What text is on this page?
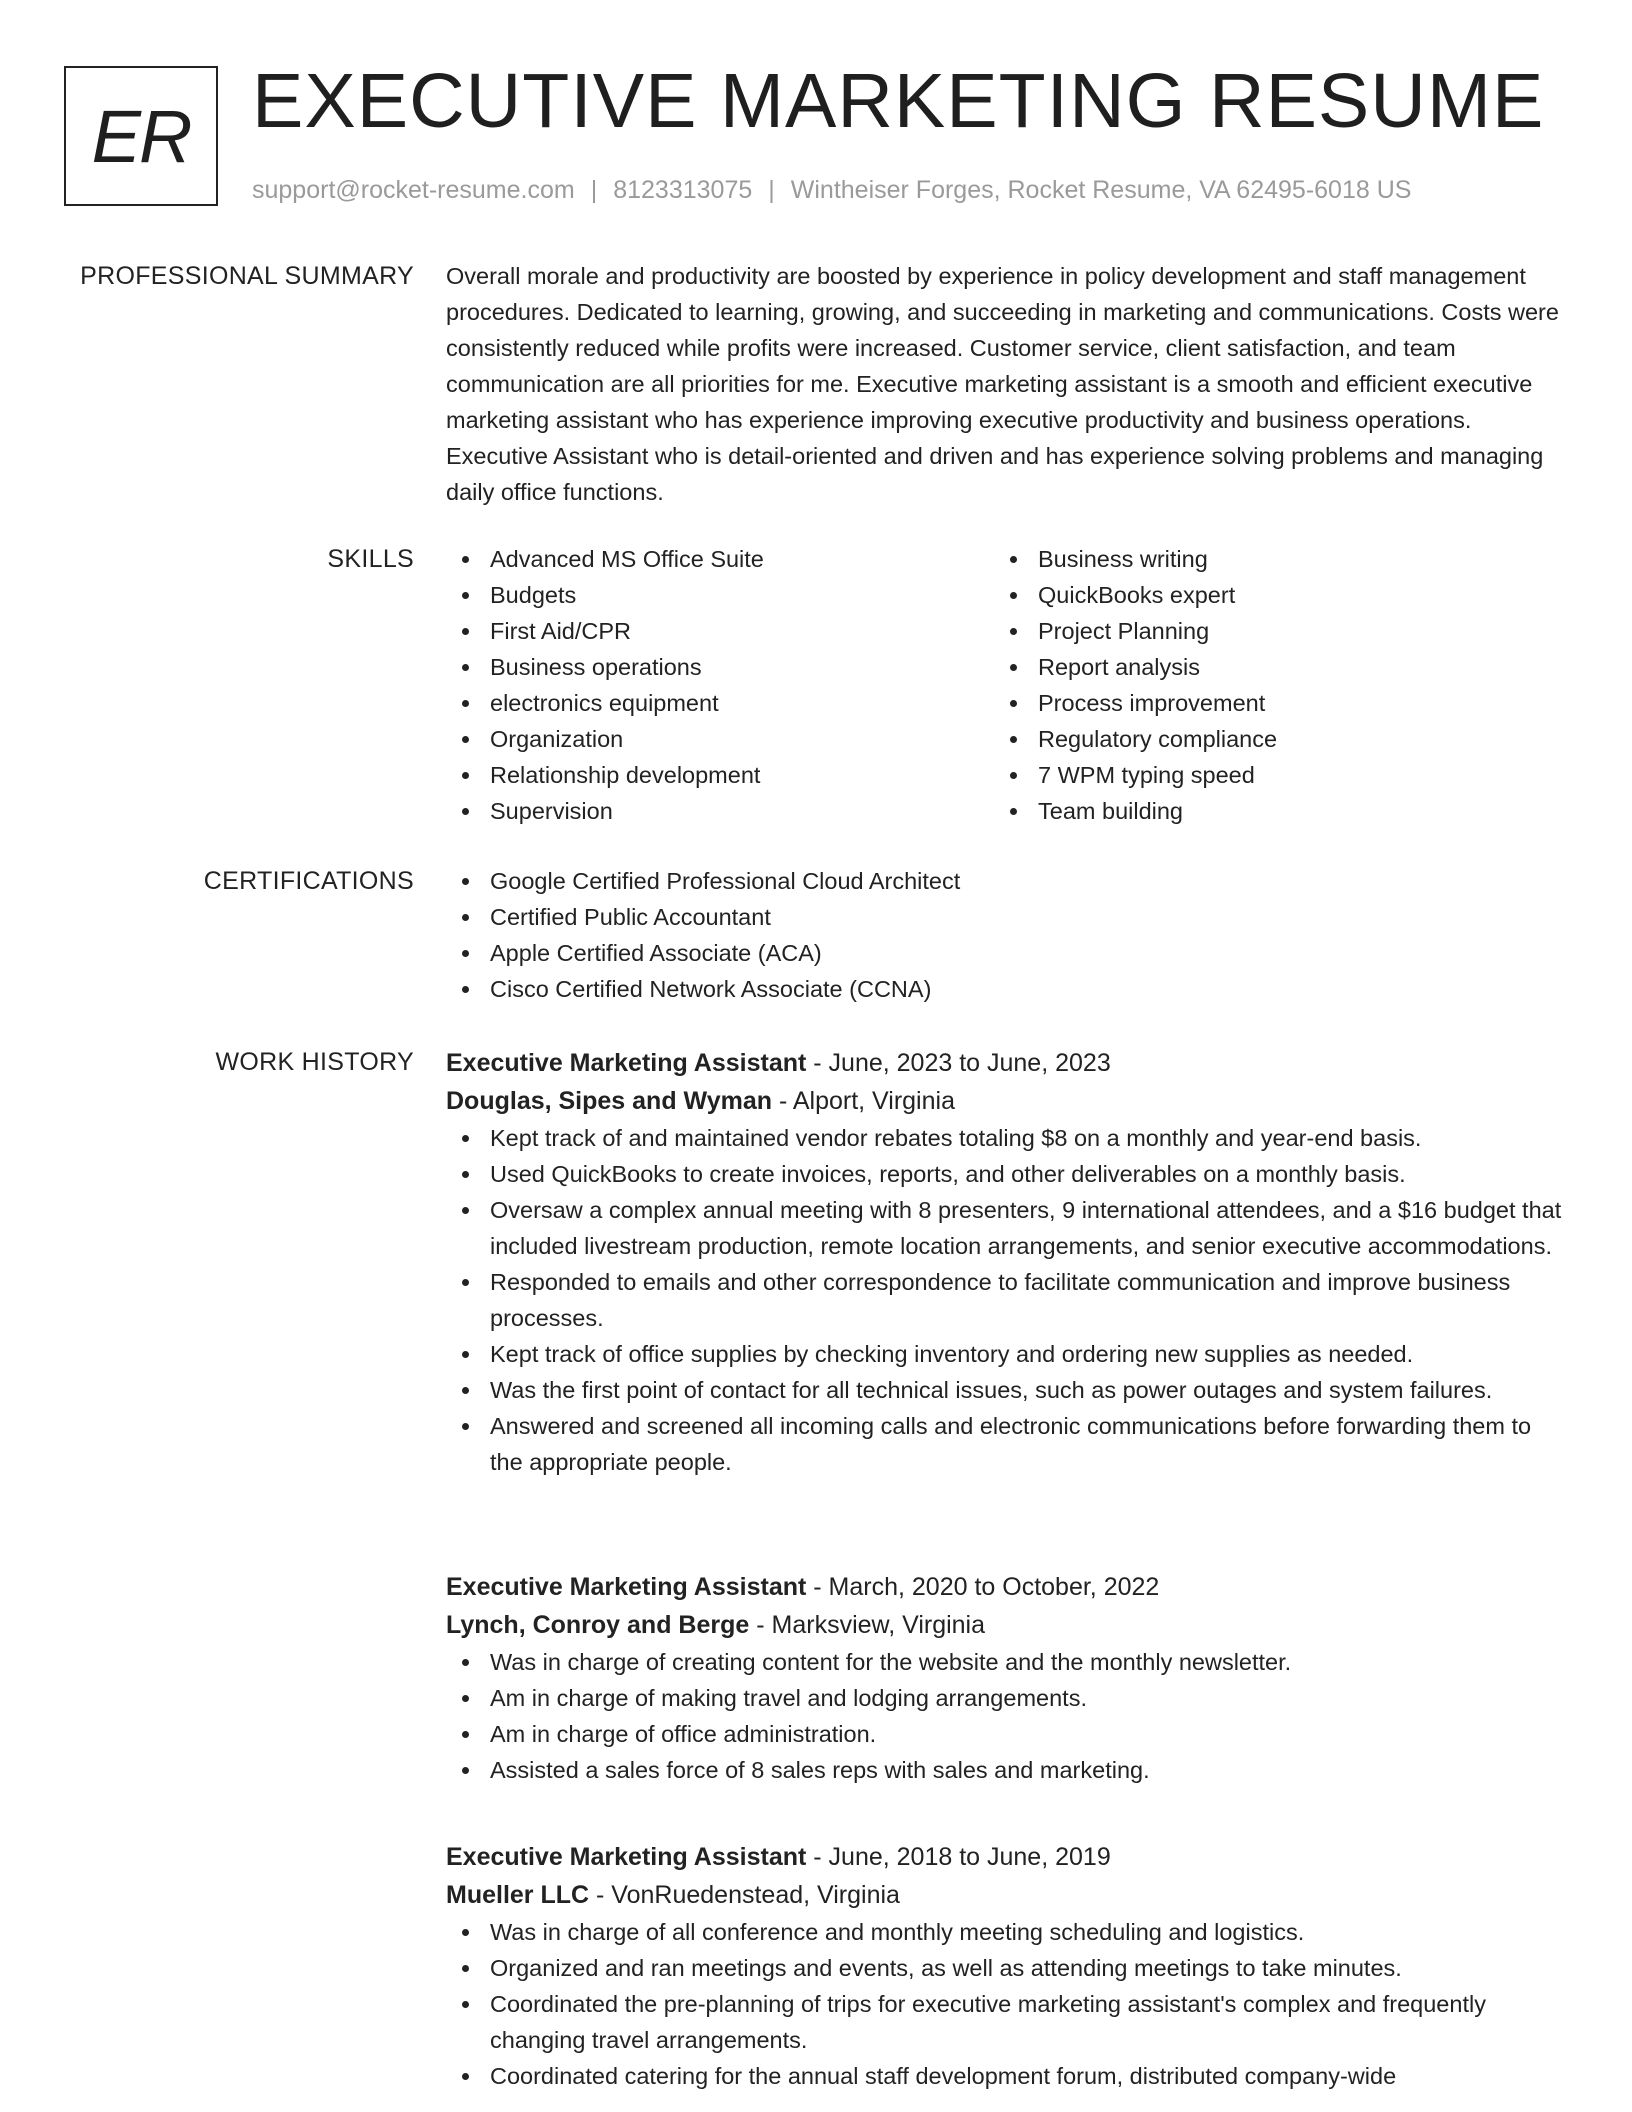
ER EXECUTIVE MARKETING RESUME
support@rocket-resume.com | 8123313075 | Wintheiser Forges, Rocket Resume, VA 62495-6018 US
PROFESSIONAL SUMMARY Overall morale and productivity are boosted by experience in policy development and staff management procedures. Dedicated to learning, growing, and succeeding in marketing and communications. Costs were consistently reduced while profits were increased. Customer service, client satisfaction, and team communication are all priorities for me. Executive marketing assistant is a smooth and efficient executive marketing assistant who has experience improving executive productivity and business operations. Executive Assistant who is detail-oriented and driven and has experience solving problems and managing daily office functions.

SKILLS	Advanced MS Office Suite
Budgets
First Aid/CPR
Business operations
electronics equipment
Organization
Relationship development
Supervision
Business writing
QuickBooks expert
Project Planning
Report analysis
Process improvement
Regulatory compliance
7 WPM typing speed
Team building
CERTIFICATIONS	Google Certified Professional Cloud Architect
Certified Public Accountant
Apple Certified Associate (ACA)
Cisco Certified Network Associate (CCNA)
WORK HISTORY Executive Marketing Assistant - June, 2023 to June, 2023
Douglas, Sipes and Wyman - Alport, Virginia
Kept track of and maintained vendor rebates totaling $8 on a monthly and year-end basis.
Used QuickBooks to create invoices, reports, and other deliverables on a monthly basis.
Oversaw a complex annual meeting with 8 presenters, 9 international attendees, and a $16 budget that included livestream production, remote location arrangements, and senior executive accommodations.
Responded to emails and other correspondence to facilitate communication and improve business processes.
Kept track of office supplies by checking inventory and ordering new supplies as needed.
Was the first point of contact for all technical issues, such as power outages and system failures.
Answered and screened all incoming calls and electronic communications before forwarding them to the appropriate people.
Executive Marketing Assistant - March, 2020 to October, 2022
Lynch, Conroy and Berge - Marksview, Virginia
Was in charge of creating content for the website and the monthly newsletter.
Am in charge of making travel and lodging arrangements.
Am in charge of office administration.
Assisted a sales force of 8 sales reps with sales and marketing.
Executive Marketing Assistant - June, 2018 to June, 2019
Mueller LLC - VonRuedenstead, Virginia
Was in charge of all conference and monthly meeting scheduling and logistics.
Organized and ran meetings and events, as well as attending meetings to take minutes.
Coordinated the pre-planning of trips for executive marketing assistant's complex and frequently changing travel arrangements.
Coordinated catering for the annual staff development forum, distributed company-wide
